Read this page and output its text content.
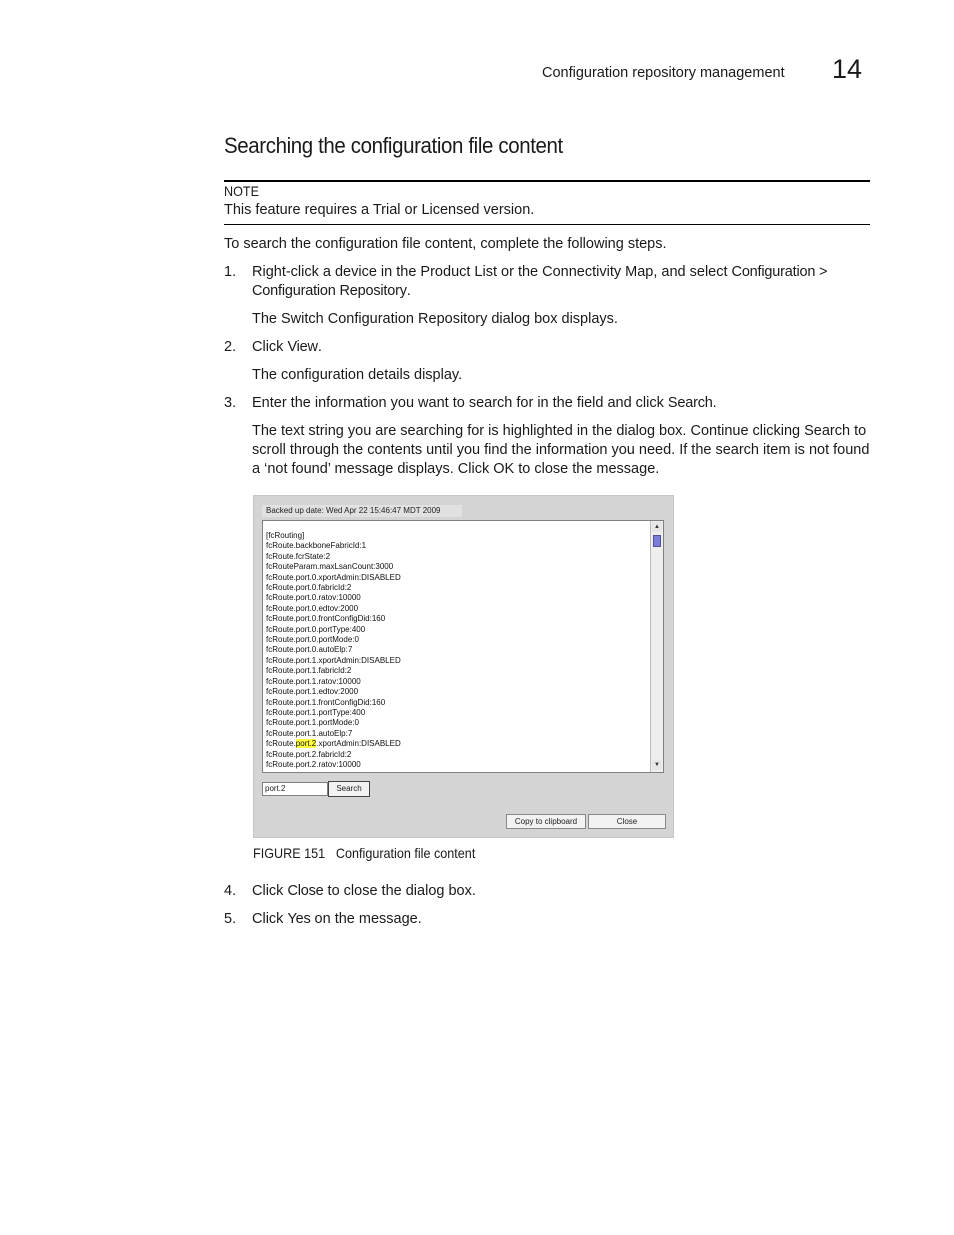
Configuration repository management 14
Searching the configuration file content
NOTE
This feature requires a Trial or Licensed version.
To search the configuration file content, complete the following steps.
1. Right-click a device in the Product List or the Connectivity Map, and select Configuration >
Configuration Repository.
The Switch Configuration Repository dialog box displays.
2. Click View.
The configuration details display.
3. Enter the information you want to search for in the field and click Search.
The text string you are searching for is highlighted in the dialog box. Continue clicking Search to scroll through the contents until you find the information you need. If the search item is not found a ‘not found’ message displays. Click OK to close the message.
Backed up date: Wed Apr 22 15:46:47 MDT 2009
[fcRouting]
fcRoute.backboneFabricId:1
fcRoute.fcrState:2
fcRouteParam.maxLsanCount:3000
fcRoute.port.0.xportAdmin:DISABLED
fcRoute.port.0.fabricId:2
fcRoute.port.0.ratov:10000
fcRoute.port.0.edtov:2000
fcRoute.port.0.frontConfigDid:160
fcRoute.port.0.portType:400
fcRoute.port.0.portMode:0
fcRoute.port.0.autoElp:7
fcRoute.port.1.xportAdmin:DISABLED
fcRoute.port.1.fabricId:2
fcRoute.port.1.ratov:10000
fcRoute.port.1.edtov:2000
fcRoute.port.1.frontConfigDid:160
fcRoute.port.1.portType:400
fcRoute.port.1.portMode:0
fcRoute.port.1.autoElp:7
fcRoute.port.2.xportAdmin:DISABLED
fcRoute.port.2.fabricId:2
fcRoute.port.2.ratov:10000
▲
▼
port.2	Search
Copy to clipboard	Close
FIGURE 151 Configuration file content
4. Click Close to close the dialog box.
5. Click Yes on the message.
